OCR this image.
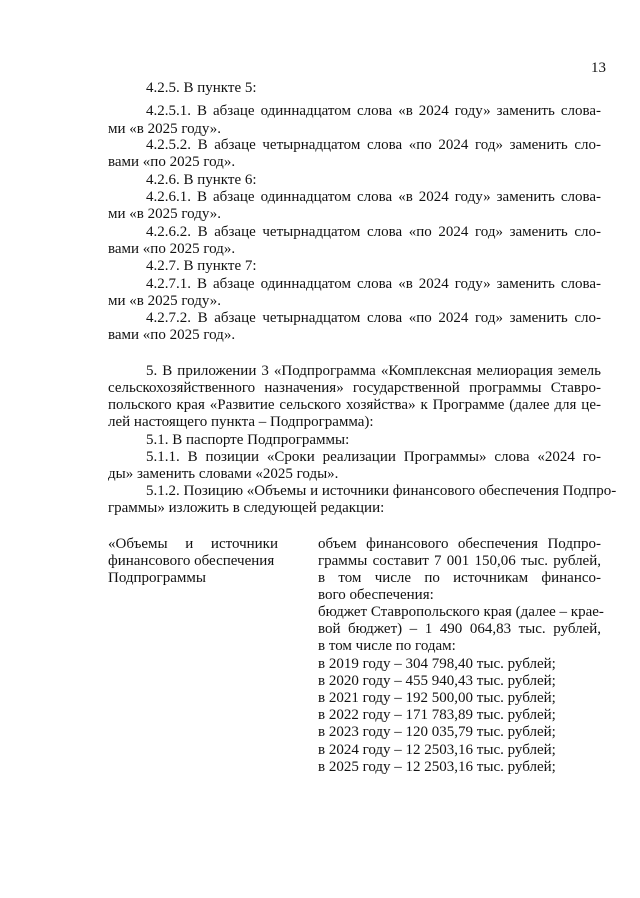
13
4.2.5. В пункте 5:
4.2.5.1. В абзаце одиннадцатом слова «в 2024 году» заменить слова-
ми «в 2025 году».
4.2.5.2. В абзаце четырнадцатом слова «по 2024 год» заменить сло-
вами «по 2025 год».
4.2.6. В пункте 6:
4.2.6.1. В абзаце одиннадцатом слова «в 2024 году» заменить слова-
ми «в 2025 году».
4.2.6.2. В абзаце четырнадцатом слова «по 2024 год» заменить сло-
вами «по 2025 год».
4.2.7. В пункте 7:
4.2.7.1. В абзаце одиннадцатом слова «в 2024 году» заменить слова-
ми «в 2025 году».
4.2.7.2. В абзаце четырнадцатом слова «по 2024 год» заменить сло-
вами «по 2025 год».
5. В приложении 3 «Подпрограмма «Комплексная мелиорация земель
сельскохозяйственного назначения» государственной программы Ставро-
польского края «Развитие сельского хозяйства» к Программе (далее для це-
лей настоящего пункта – Подпрограмма):
5.1. В паспорте Подпрограммы:
5.1.1. В позиции «Сроки реализации Программы» слова «2024 го-
ды» заменить словами «2025 годы».
5.1.2. Позицию «Объемы и источники финансового обеспечения Подпро-
граммы» изложить в следующей редакции:
«Объемы и источники
финансового обеспечения
Подпрограммы
объем финансового обеспечения Подпро-
граммы составит 7 001 150,06 тыс. рублей,
в том числе по источникам финансо-
вого обеспечения:
бюджет Ставропольского края (далее – крае-
вой бюджет) – 1 490 064,83 тыс. рублей,
в том числе по годам:
в 2019 году – 304 798,40 тыс. рублей;
в 2020 году – 455 940,43 тыс. рублей;
в 2021 году – 192 500,00 тыс. рублей;
в 2022 году – 171 783,89 тыс. рублей;
в 2023 году – 120 035,79 тыс. рублей;
в 2024 году – 12 2503,16 тыс. рублей;
в 2025 году – 12 2503,16 тыс. рублей;
